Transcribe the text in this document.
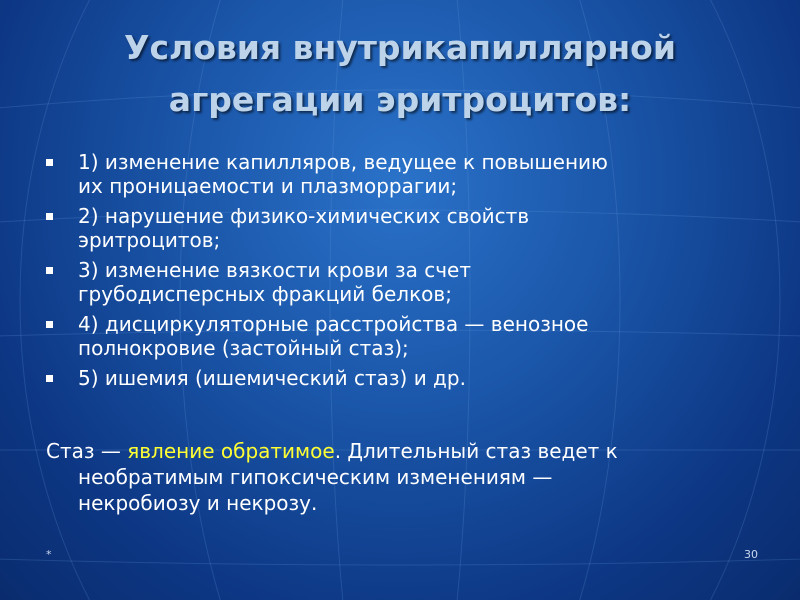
Условия внутрикапиллярной
агрегации эритроцитов:
1) изменение капилляров, ведущее к повышению
их проницаемости и плазморрагии;
2) нарушение физико-химических свойств
эритроцитов;
3) изменение вязкости крови за счет
грубодисперсных фракций белков;
4) дисциркуляторные расстройства — венозное
полнокровие (застойный стаз);
5) ишемия (ишемический стаз) и др.
Стаз — явление обратимое. Длительный стаз ведет к
необратимым гипоксическим изменениям —
некробиозу и некрозу.
*	30
